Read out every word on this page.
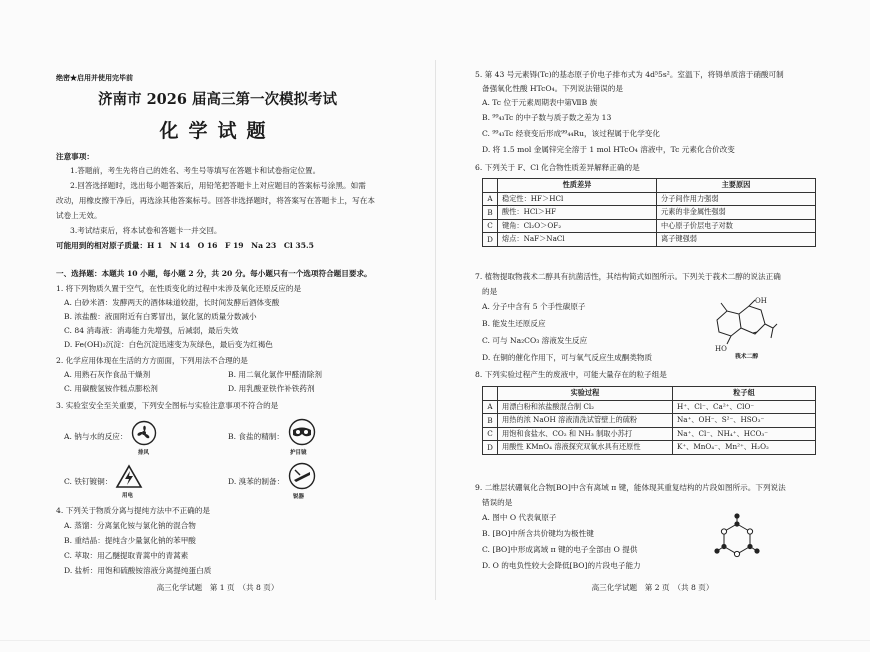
绝密★启用并使用完毕前
济南市 2026 届高三第一次模拟考试
化学试题
注意事项：
1.答题前，考生先将自己的姓名、考生号等填写在答题卡和试卷指定位置。
2.回答选择题时，选出每小题答案后，用铅笔把答题卡上对应题目的答案标号涂黑。如需
改动，用橡皮擦干净后，再选涂其他答案标号。回答非选择题时，将答案写在答题卡上，写在本
试卷上无效。
3.考试结束后，将本试卷和答题卡一并交回。
可能用到的相对原子质量：H 1　N 14　O 16　F 19　Na 23　Cl 35.5
一、选择题：本题共 10 小题，每小题 2 分，共 20 分。每小题只有一个选项符合题目要求。
1. 将下列物质久置于空气，在性质变化的过程中未涉及氧化还原反应的是
A. 白砂米酒：发酵两天的酒体味道较甜，长时间发酵后酒体变酸
B. 浓盐酸：液面附近有白雾冒出，氯化氢的质量分数减小
C. 84 消毒液：消毒能力先增强，后减弱，最后失效
D. Fe(OH)₂沉淀：白色沉淀迅速变为灰绿色，最后变为红褐色
2. 化学应用体现在生活的方方面面，下列用法不合理的是
A. 用熟石灰作食品干燥剂	B. 用二氧化氯作甲醛清除剂
C. 用碳酸氢铵作糕点膨松剂	D. 用乳酸亚铁作补铁药剂
3. 实验室安全至关重要，下列安全图标与实验注意事项不符合的是
A. 钠与水的反应：
排风
B. 食盐的精制：
护目镜
C. 铁钉镀铜：
用电
D. 溴苯的制备：
锐器
4. 下列关于物质分离与提纯方法中不正确的是
A. 蒸馏：分离氯化铵与氯化钠的混合物
B. 重结晶：提纯含少量氯化钠的苯甲酸
C. 萃取：用乙醚提取青蒿中的青蒿素
D. 盐析：用饱和硫酸铵溶液分离提纯蛋白质
高三化学试题　第 1 页　（共 8 页）
5. 第 43 号元素锝(Tc)的基态原子价电子排布式为 4d⁵5s²。室温下，将锝单质溶于硝酸可制
备强氧化性酸 HTcO₄。下列说法错误的是
A. Tc 位于元素周期表中第ⅦB 族
B. ⁹⁹₄₃Tc 的中子数与质子数之差为 13
C. ⁹⁹₄₃Tc 经衰变后形成⁹⁹₄₄Ru，该过程属于化学变化
D. 将 1.5 mol 金属锌完全溶于 1 mol HTcO₄ 溶液中，Tc 元素化合价改变
6. 下列关于 F、Cl 化合物性质差异解释正确的是
	性质差异	主要原因
A	稳定性：HF＞HCl	分子间作用力强弱
B	酸性：HCl＞HF	元素的非金属性强弱
C	键角：Cl₂O＞OF₂	中心原子价层电子对数
D	熔点：NaF＞NaCl	离子键强弱
7. 植物提取物莪术二醇具有抗菌活性，其结构简式如图所示。下列关于莪术二醇的说法正确
的是
A. 分子中含有 5 个手性碳原子
B. 能发生还原反应
C. 可与 Na₂CO₃ 溶液发生反应
D. 在铜的催化作用下，可与氧气反应生成酮类物质
OH
HO
莪术二醇
8. 下列实验过程产生的废液中，可能大量存在的粒子组是
	实验过程	粒子组
A	用漂白粉和浓盐酸混合制 Cl₂	H⁺、Cl⁻、Ca²⁺、ClO⁻
B	用热的浓 NaOH 溶液清洗试管壁上的硫粉	Na⁺、OH⁻、S²⁻、HSO₃⁻
C	用饱和食盐水、CO₂ 和 NH₃ 制取小苏打	Na⁺、Cl⁻、NH₄⁺、HCO₃⁻
D	用酸性 KMnO₄ 溶液探究双氧水具有还原性	K⁺、MnO₄⁻、Mn²⁺、H₂O₂
9. 二维层状硼氧化合物[BO]中含有离域 π 键，能体现其重复结构的片段如图所示。下列说法
错误的是
A. 图中 O 代表氧原子
B. [BO]中所含共价键均为极性键
C. [BO]中形成离域 π 键的电子全部由 O 提供
D. O 的电负性较大会降低[BO]的片段电子能力
高三化学试题　第 2 页　（共 8 页）
